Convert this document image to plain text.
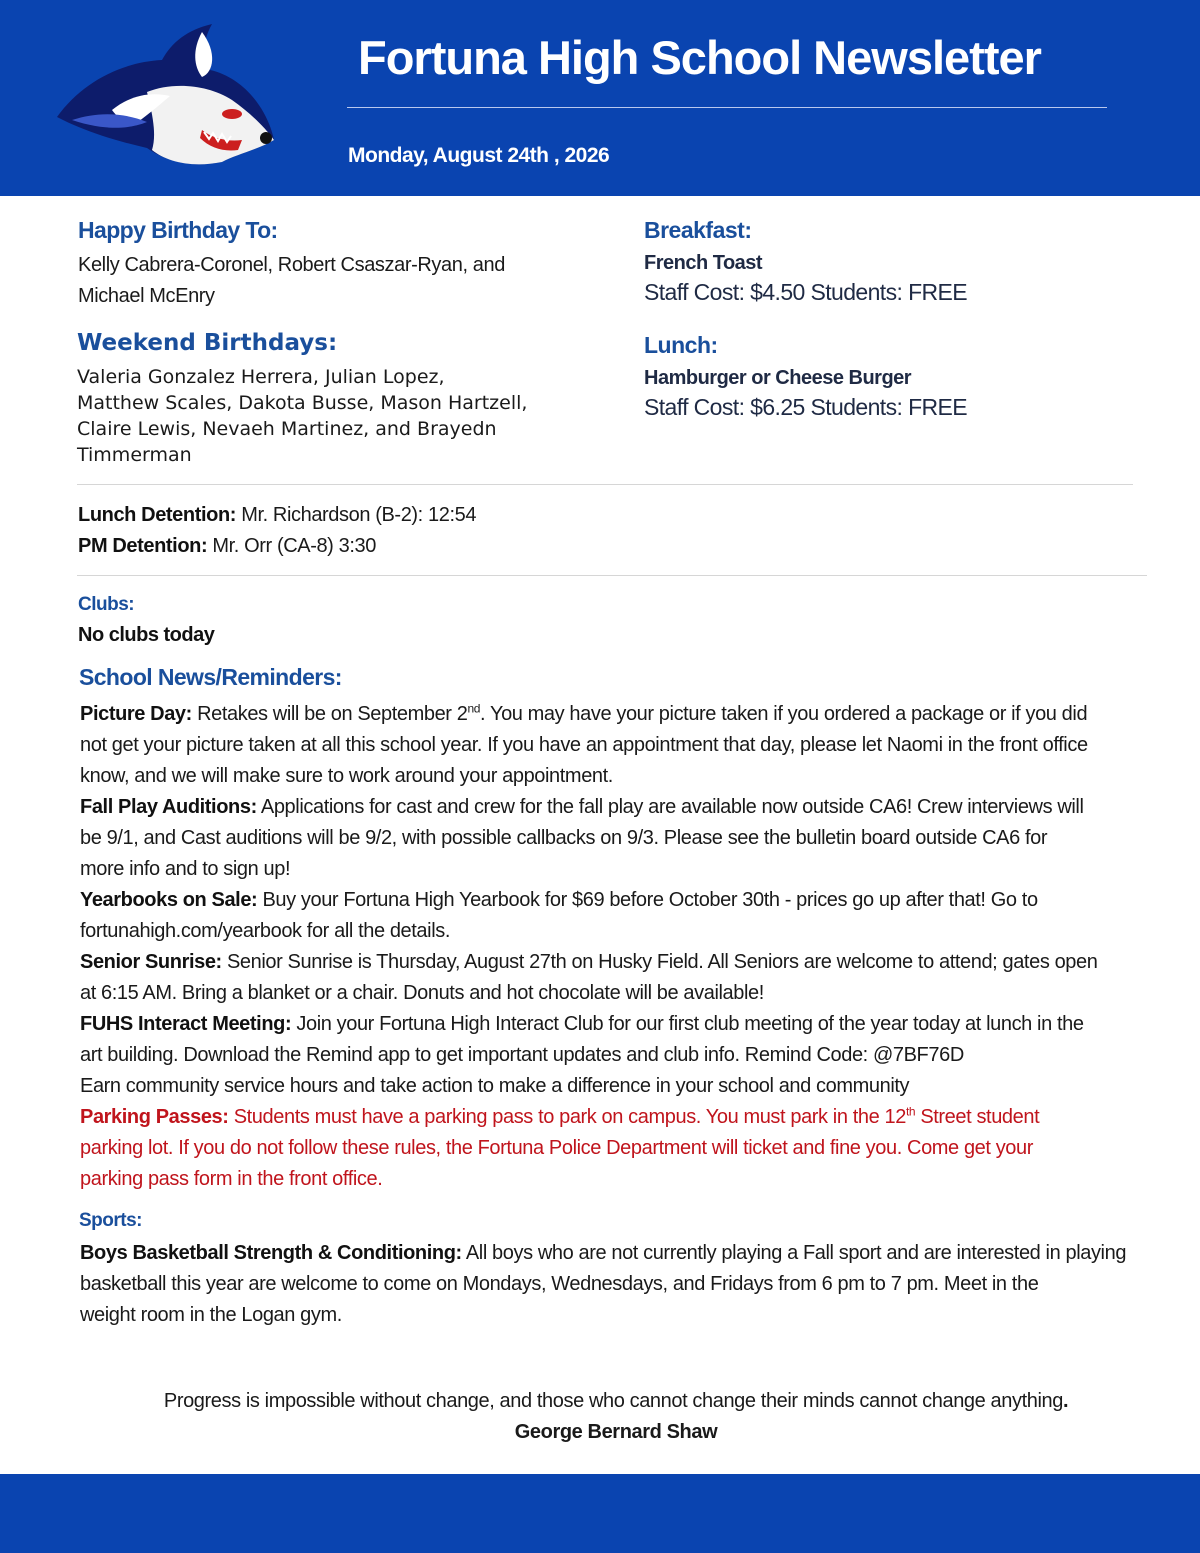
Fortuna High School Newsletter
Monday, August 24th , 2026
Happy Birthday To:
Kelly Cabrera-Coronel, Robert Csaszar-Ryan, and
Michael McEnry
Weekend Birthdays:
Valeria Gonzalez Herrera, Julian Lopez,
Matthew Scales, Dakota Busse, Mason Hartzell,
Claire Lewis, Nevaeh Martinez, and Brayedn
Timmerman
Breakfast:
French Toast
Staff Cost: $4.50 Students: FREE
Lunch:
Hamburger or Cheese Burger
Staff Cost: $6.25 Students: FREE
Lunch Detention: Mr. Richardson (B-2): 12:54
PM Detention: Mr. Orr (CA-8) 3:30
Clubs:
No clubs today
School News/Reminders:
Picture Day: Retakes will be on September 2nd. You may have your picture taken if you ordered a package or if you did
not get your picture taken at all this school year. If you have an appointment that day, please let Naomi in the front office
know, and we will make sure to work around your appointment.
Fall Play Auditions: Applications for cast and crew for the fall play are available now outside CA6! Crew interviews will
be 9/1, and Cast auditions will be 9/2, with possible callbacks on 9/3. Please see the bulletin board outside CA6 for
more info and to sign up!
Yearbooks on Sale: Buy your Fortuna High Yearbook for $69 before October 30th - prices go up after that! Go to
fortunahigh.com/yearbook for all the details.
Senior Sunrise: Senior Sunrise is Thursday, August 27th on Husky Field. All Seniors are welcome to attend; gates open
at 6:15 AM. Bring a blanket or a chair. Donuts and hot chocolate will be available!
FUHS Interact Meeting: Join your Fortuna High Interact Club for our first club meeting of the year today at lunch in the
art building. Download the Remind app to get important updates and club info. Remind Code: @7BF76D
Earn community service hours and take action to make a difference in your school and community
Parking Passes: Students must have a parking pass to park on campus. You must park in the 12th Street student
parking lot. If you do not follow these rules, the Fortuna Police Department will ticket and fine you. Come get your
parking pass form in the front office.
Sports:
Boys Basketball Strength & Conditioning: All boys who are not currently playing a Fall sport and are interested in playing
basketball this year are welcome to come on Mondays, Wednesdays, and Fridays from 6 pm to 7 pm. Meet in the
weight room in the Logan gym.
Progress is impossible without change, and those who cannot change their minds cannot change anything.
George Bernard Shaw
